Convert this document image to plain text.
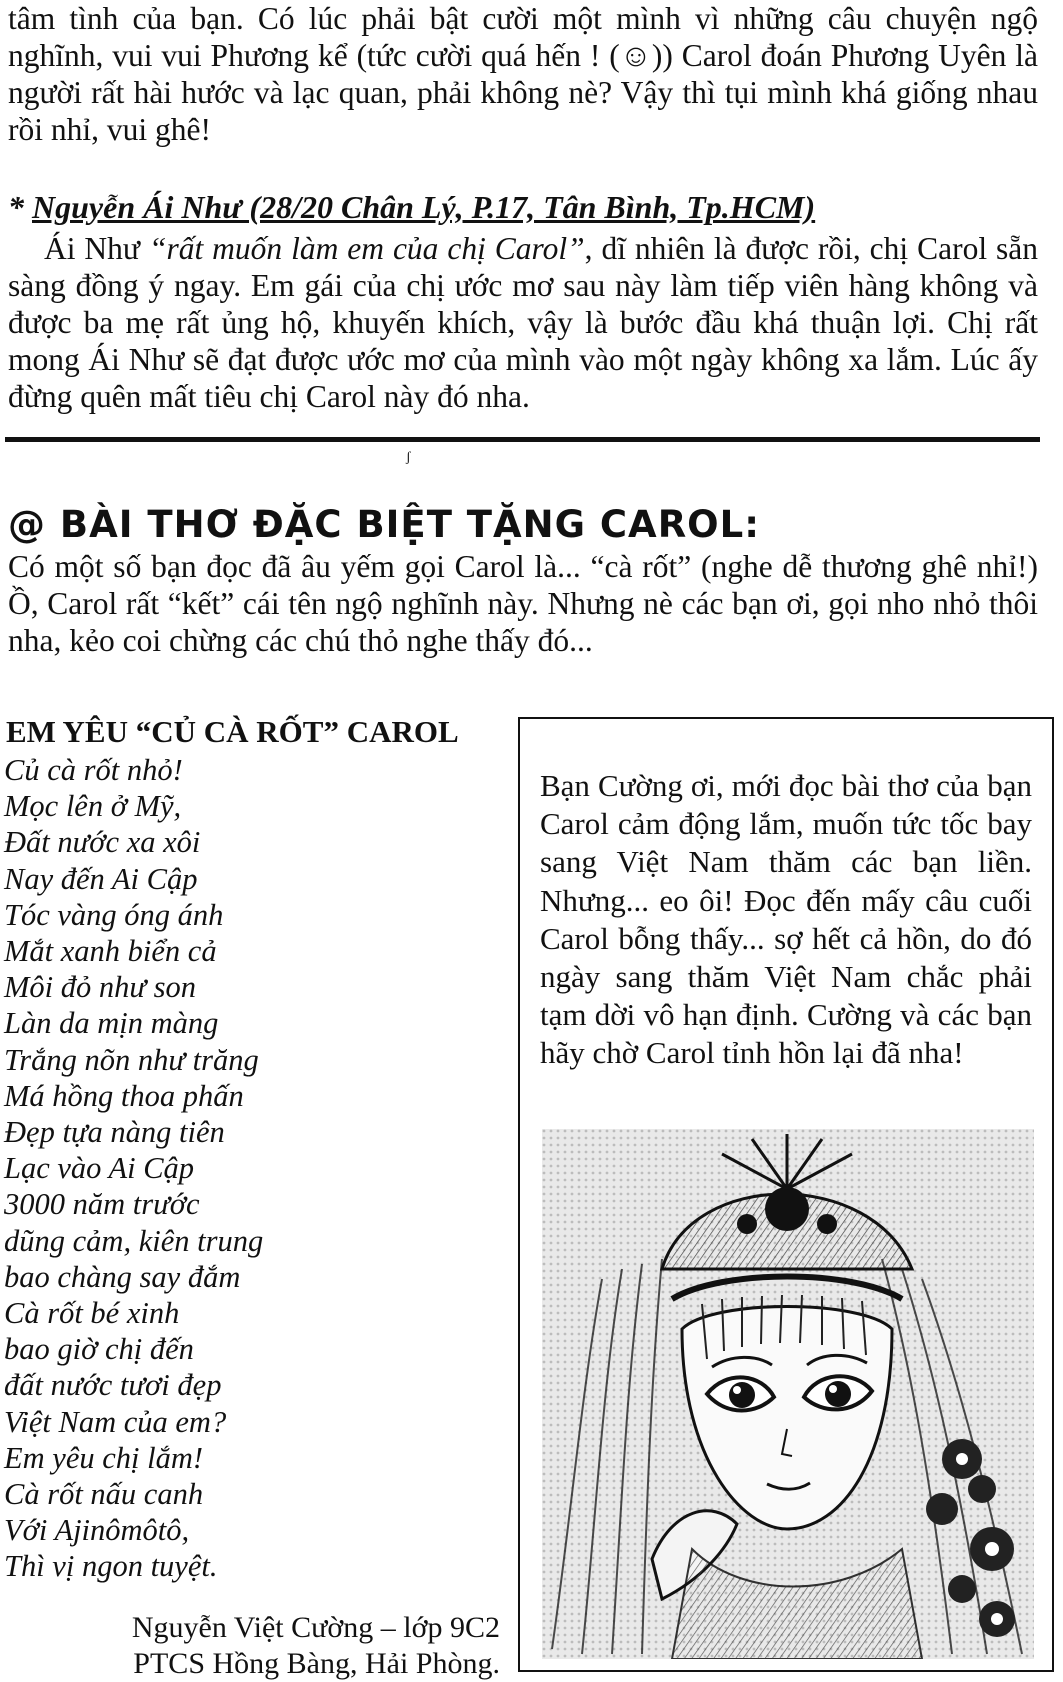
tâm tình của bạn. Có lúc phải bật cười một mình vì những câu chuyện ngộ nghĩnh, vui vui Phương kể (tức cười quá hến ! (☺)) Carol đoán Phương Uyên là người rất hài hước và lạc quan, phải không nè? Vậy thì tụi mình khá giống nhau rồi nhỉ, vui ghê!

* Nguyễn Ái Như (28/20 Chân Lý, P.17, Tân Bình, Tp.HCM)

Ái Như “rất muốn làm em của chị Carol”, dĩ nhiên là được rồi, chị Carol sẵn sàng đồng ý ngay. Em gái của chị ước mơ sau này làm tiếp viên hàng không và được ba mẹ rất ủng hộ, khuyến khích, vậy là bước đầu khá thuận lợi. Chị rất mong Ái Như sẽ đạt được ước mơ của mình vào một ngày không xa lắm. Lúc ấy đừng quên mất tiêu chị Carol này đó nha.

ʃ
@ BÀI THƠ ĐẶC BIỆT TẶNG CAROL:

Có một số bạn đọc đã âu yếm gọi Carol là... “cà rốt” (nghe dễ thương ghê nhỉ!) Ồ, Carol rất “kết” cái tên ngộ nghĩnh này. Nhưng nè các bạn ơi, gọi nho nhỏ thôi nha, kẻo coi chừng các chú thỏ nghe thấy đó...

EM YÊU “CỦ CÀ RỐT” CAROL
Củ cà rốt nhỏ!
Mọc lên ở Mỹ,
Đất nước xa xôi
Nay đến Ai Cập
Tóc vàng óng ánh
Mắt xanh biển cả
Môi đỏ như son
Làn da mịn màng
Trắng nõn như trăng
Má hồng thoa phấn
Đẹp tựa nàng tiên
Lạc vào Ai Cập
3000 năm trước
dũng cảm, kiên trung
bao chàng say đắm
Cà rốt bé xinh
bao giờ chị đến
đất nước tươi đẹp
Việt Nam của em?
Em yêu chị lắm!
Cà rốt nấu canh
Với Ajinômôtô,
Thì vị ngon tuyệt.
Nguyễn Việt Cường – lớp 9C2
PTCS Hồng Bàng, Hải Phòng.
Bạn Cường ơi, mới đọc bài thơ của bạn Carol cảm động lắm, muốn tức tốc bay sang Việt Nam thăm các bạn liền. Nhưng... eo ôi! Đọc đến mấy câu cuối Carol bỗng thấy... sợ hết cả hồn, do đó ngày sang thăm Việt Nam chắc phải tạm dời vô hạn định. Cường và các bạn hãy chờ Carol tỉnh hồn lại đã nha!
